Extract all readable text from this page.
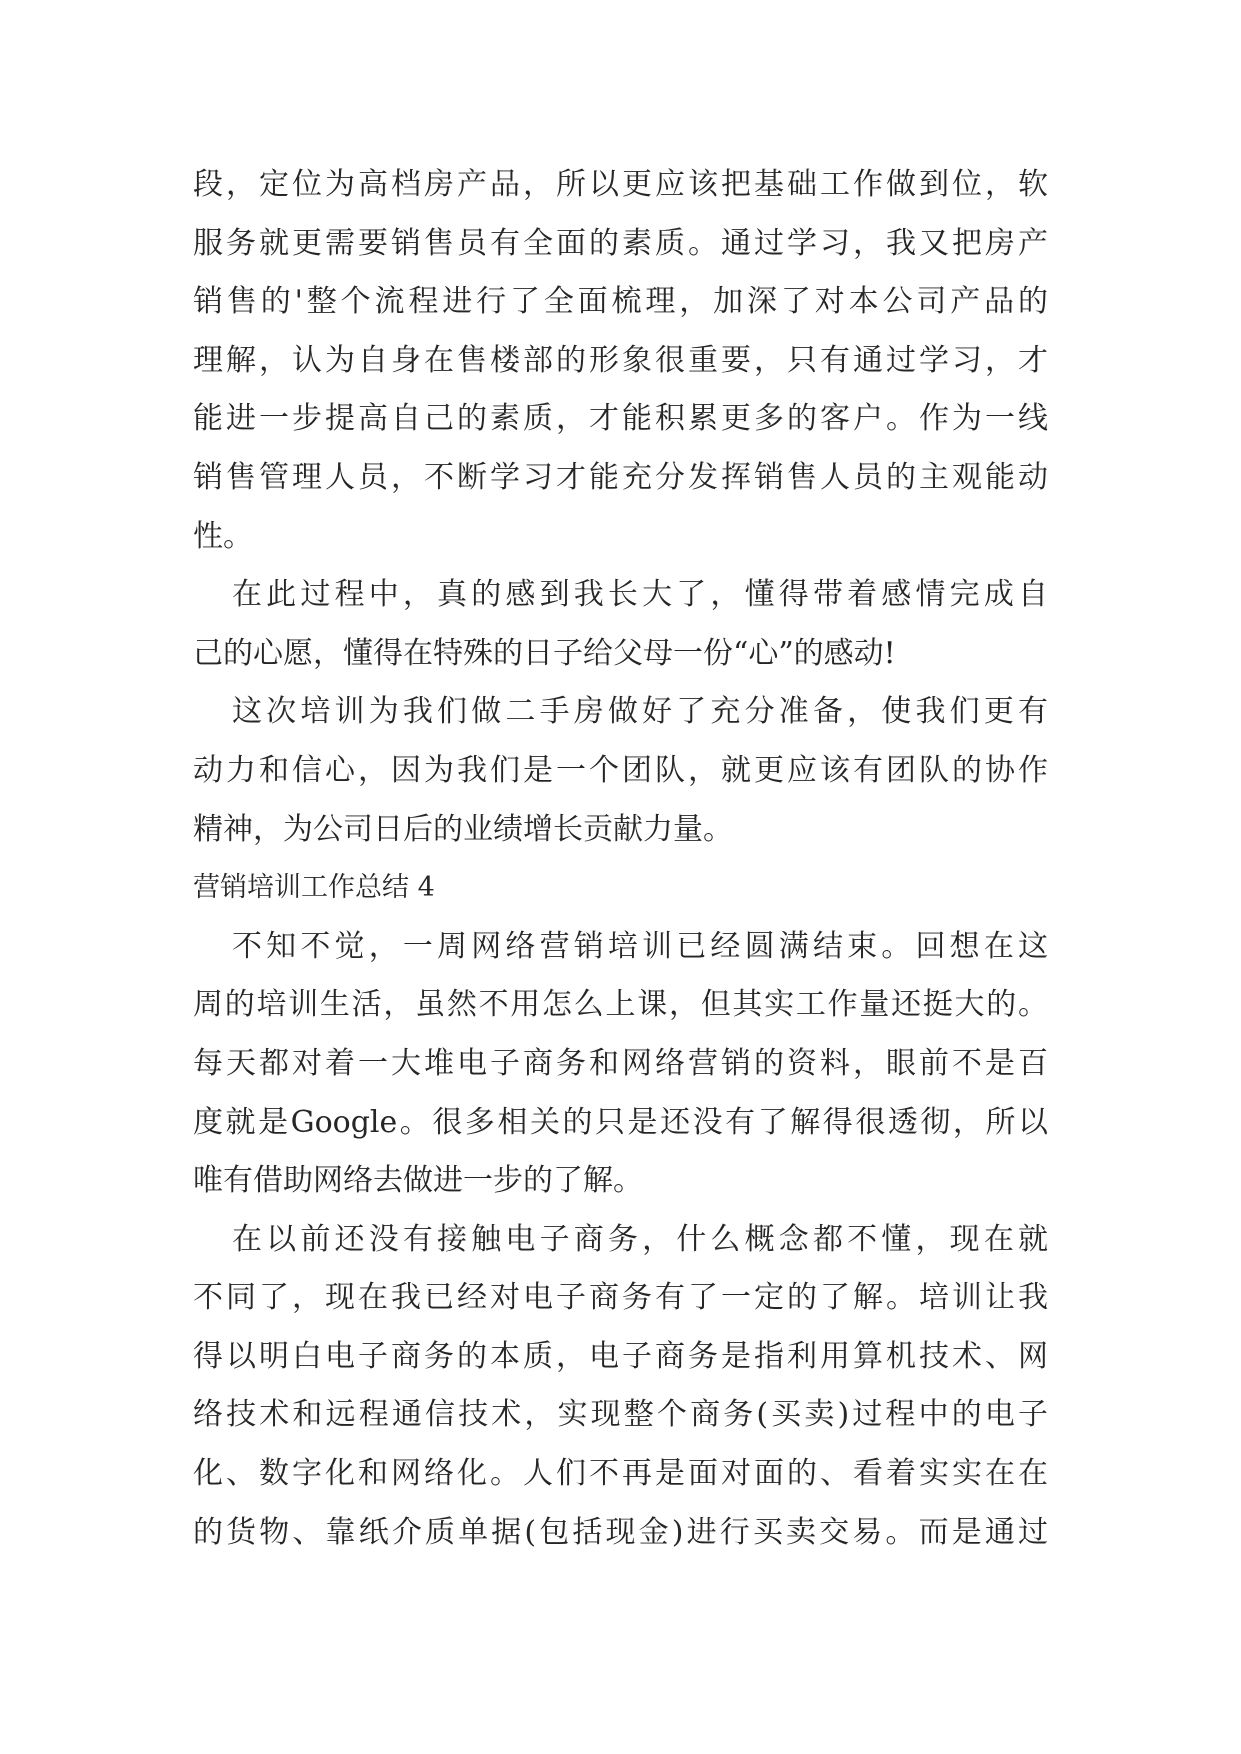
段，定位为高档房产品，所以更应该把基础工作做到位，软
服务就更需要销售员有全面的素质。通过学习，我又把房产
销售的'整个流程进行了全面梳理，加深了对本公司产品的
理解，认为自身在售楼部的形象很重要，只有通过学习，才
能进一步提高自己的素质，才能积累更多的客户。作为一线
销售管理人员，不断学习才能充分发挥销售人员的主观能动
性。
在此过程中，真的感到我长大了，懂得带着感情完成自
己的心愿，懂得在特殊的日子给父母一份“心”的感动!
这次培训为我们做二手房做好了充分准备，使我们更有
动力和信心，因为我们是一个团队，就更应该有团队的协作
精神，为公司日后的业绩增长贡献力量。
营销培训工作总结 4
不知不觉，一周网络营销培训已经圆满结束。回想在这
周的培训生活，虽然不用怎么上课，但其实工作量还挺大的。
每天都对着一大堆电子商务和网络营销的资料，眼前不是百
度就是Google。很多相关的只是还没有了解得很透彻，所以
唯有借助网络去做进一步的了解。
在以前还没有接触电子商务，什么概念都不懂，现在就
不同了，现在我已经对电子商务有了一定的了解。培训让我
得以明白电子商务的本质，电子商务是指利用算机技术、网
络技术和远程通信技术，实现整个商务(买卖)过程中的电子
化、数字化和网络化。人们不再是面对面的、看着实实在在
的货物、靠纸介质单据(包括现金)进行买卖交易。而是通过
